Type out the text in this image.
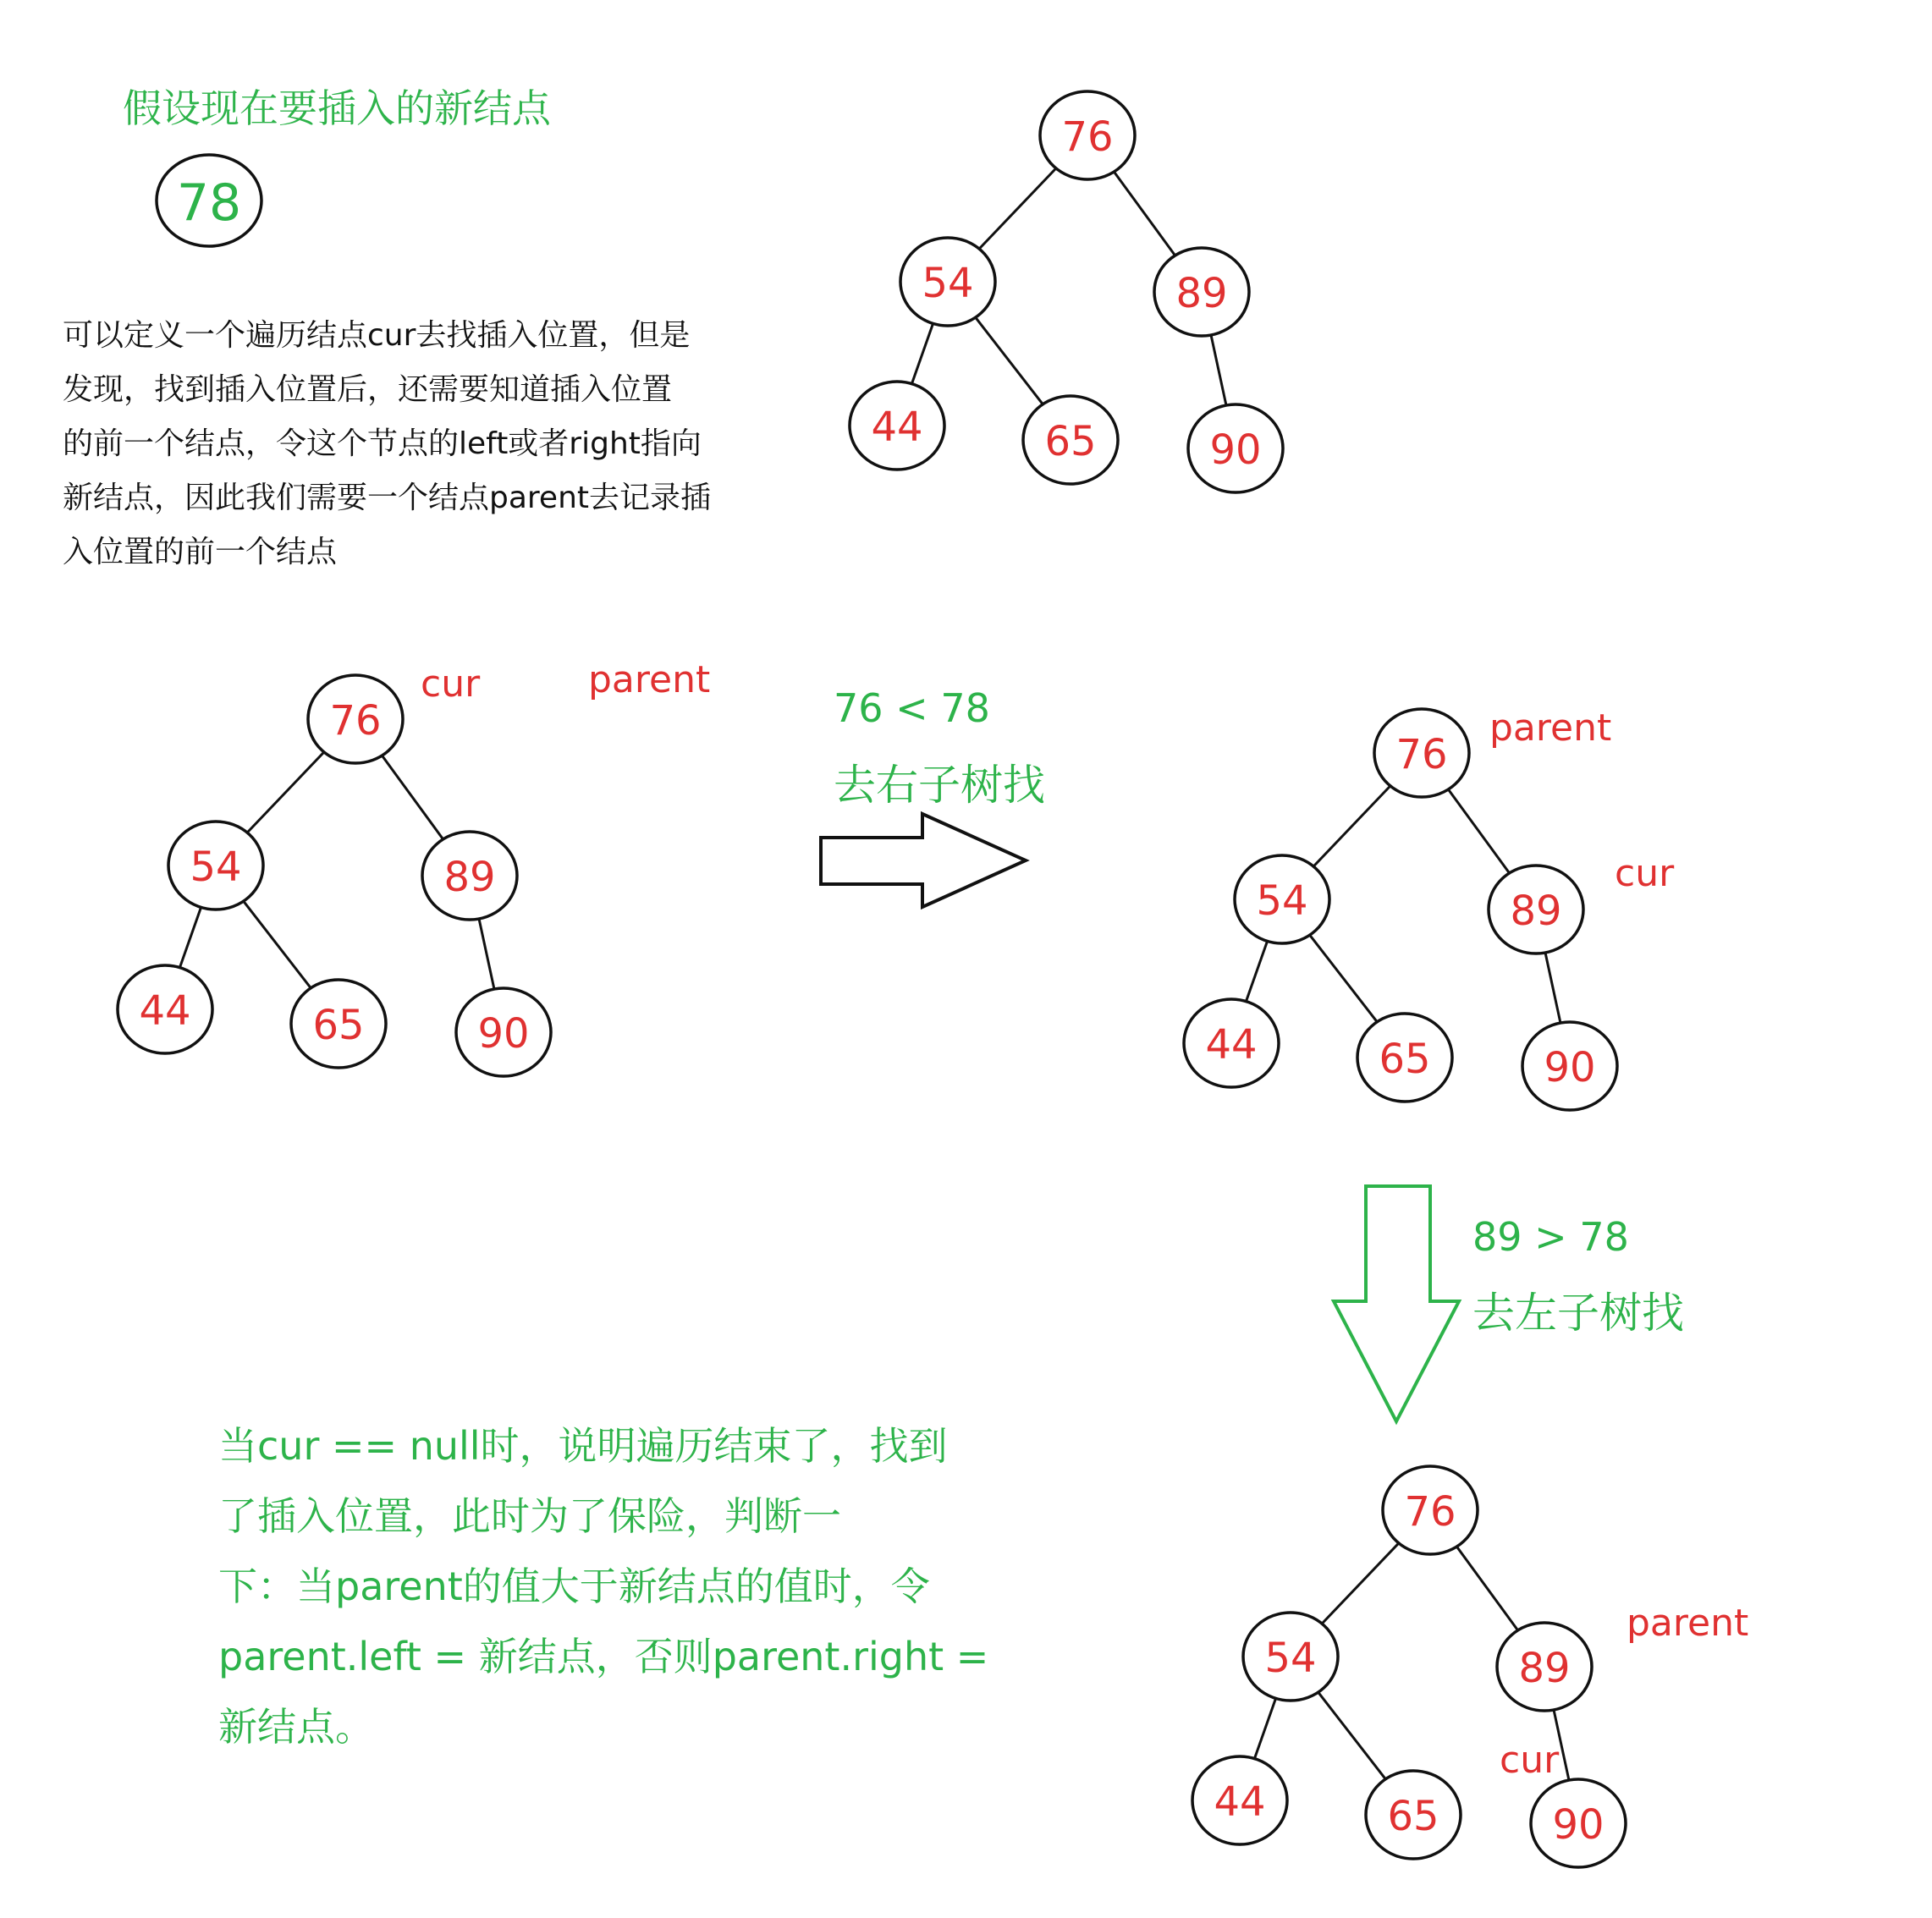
假设现在要插入的新结点
可以定义一个遍历结点cur去找插入位置，但是
发现，找到插入位置后，还需要知道插入位置
的前一个结点，令这个节点的left或者right指向
新结点，因此我们需要一个结点parent去记录插
入位置的前一个结点
76 < 78
去右子树找
89 > 78
去左子树找
当cur == null时，说明遍历结束了，找到
了插入位置，此时为了保险，判断一
下：当parent的值大于新结点的值时，令
parent.left = 新结点，否则parent.right =
新结点。
78
76
54	89
44	65	90
76
54	89
44	65	90
76
54	89
44	65	90
76
54	89
44	65	90
cur	parent
parent
cur
parent
cur
